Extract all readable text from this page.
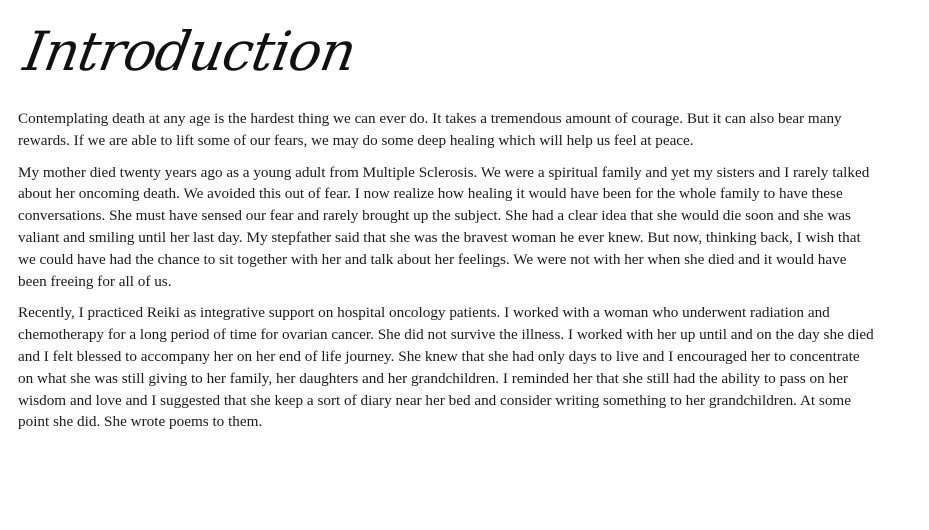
Introduction

Contemplating death at any age is the hardest thing we can ever do. It takes a tremendous amount of courage. But it can also bear many rewards. If we are able to lift some of our fears, we may do some deep healing which will help us feel at peace.

My mother died twenty years ago as a young adult from Multiple Sclerosis. We were a spiritual family and yet my sisters and I rarely talked about her oncoming death. We avoided this out of fear. I now realize how healing it would have been for the whole family to have these conversations. She must have sensed our fear and rarely brought up the subject. She had a clear idea that she would die soon and she was valiant and smiling until her last day. My stepfather said that she was the bravest woman he ever knew. But now, thinking back, I wish that we could have had the chance to sit together with her and talk about her feelings. We were not with her when she died and it would have been freeing for all of us.

Recently, I practiced Reiki as integrative support on hospital oncology patients. I worked with a woman who underwent radiation and chemotherapy for a long period of time for ovarian cancer. She did not survive the illness. I worked with her up until and on the day she died and I felt blessed to accompany her on her end of life journey. She knew that she had only days to live and I encouraged her to concentrate on what she was still giving to her family, her daughters and her grandchildren. I reminded her that she still had the ability to pass on her wisdom and love and I suggested that she keep a sort of diary near her bed and consider writing something to her grandchildren. At some point she did. She wrote poems to them.
